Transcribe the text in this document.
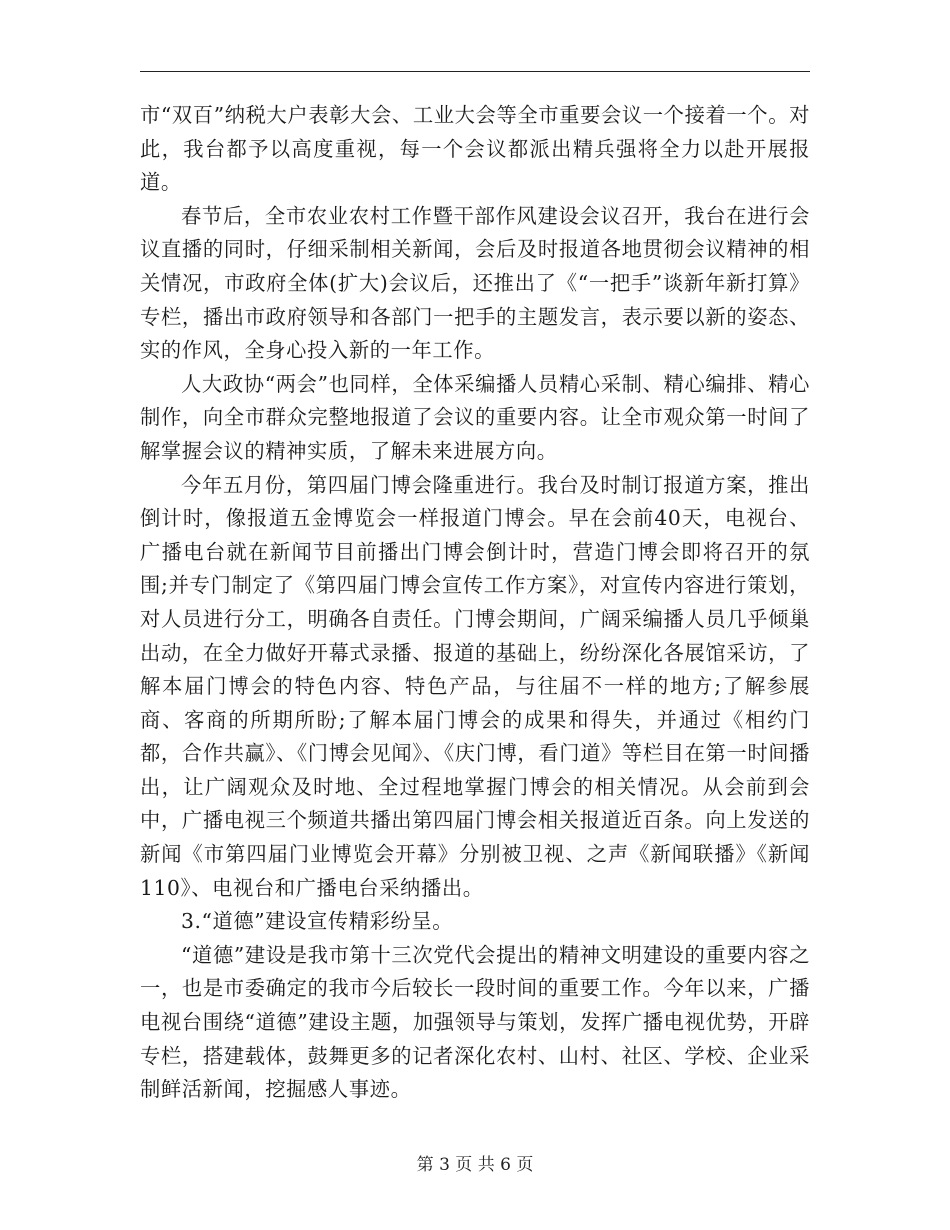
市“双百”纳税大户表彰大会、工业大会等全市重要会议一个接着一个。对此，我台都予以高度重视，每一个会议都派出精兵强将全力以赴开展报道。

春节后，全市农业农村工作暨干部作风建设会议召开，我台在进行会议直播的同时，仔细采制相关新闻，会后及时报道各地贯彻会议精神的相关情况，市政府全体(扩大)会议后，还推出了《“一把手”谈新年新打算》专栏，播出市政府领导和各部门一把手的主题发言，表示要以新的姿态、实的作风，全身心投入新的一年工作。

人大政协“两会”也同样，全体采编播人员精心采制、精心编排、精心制作，向全市群众完整地报道了会议的重要内容。让全市观众第一时间了解掌握会议的精神实质，了解未来进展方向。

今年五月份，第四届门博会隆重进行。我台及时制订报道方案，推出倒计时，像报道五金博览会一样报道门博会。早在会前40天，电视台、广播电台就在新闻节目前播出门博会倒计时，营造门博会即将召开的氛围;并专门制定了《第四届门博会宣传工作方案》，对宣传内容进行策划，对人员进行分工，明确各自责任。门博会期间，广阔采编播人员几乎倾巢出动，在全力做好开幕式录播、报道的基础上，纷纷深化各展馆采访，了解本届门博会的特色内容、特色产品，与往届不一样的地方;了解参展商、客商的所期所盼;了解本届门博会的成果和得失，并通过《相约门都，合作共赢》、《门博会见闻》、《庆门博，看门道》等栏目在第一时间播出，让广阔观众及时地、全过程地掌握门博会的相关情况。从会前到会中，广播电视三个频道共播出第四届门博会相关报道近百条。向上发送的新闻《市第四届门业博览会开幕》分别被卫视、之声《新闻联播》《新闻110》、电视台和广播电台采纳播出。

3.“道德”建设宣传精彩纷呈。

“道德”建设是我市第十三次党代会提出的精神文明建设的重要内容之一，也是市委确定的我市今后较长一段时间的重要工作。今年以来，广播电视台围绕“道德”建设主题，加强领导与策划，发挥广播电视优势，开辟专栏，搭建载体，鼓舞更多的记者深化农村、山村、社区、学校、企业采制鲜活新闻，挖掘感人事迹。

第 3 页 共 6 页
